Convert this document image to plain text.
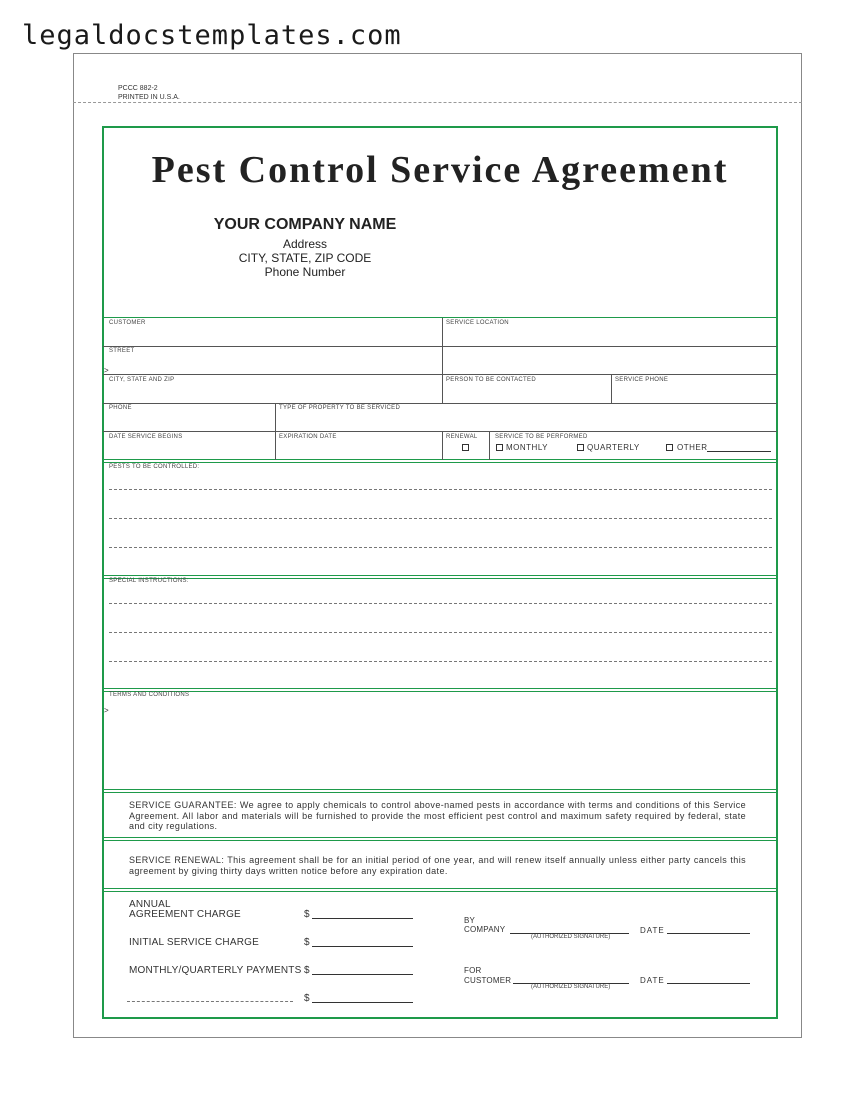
legaldocstemplates.com
PCCC 882-2
PRINTED IN U.S.A.
Pest Control Service Agreement
YOUR COMPANY NAME
Address
CITY, STATE, ZIP CODE
Phone Number
CUSTOMER	SERVICE LOCATION
STREET
>
CITY, STATE AND ZIP	PERSON TO BE CONTACTED	SERVICE PHONE
PHONE	TYPE OF PROPERTY TO BE SERVICED
DATE SERVICE BEGINS	EXPIRATION DATE	RENEWAL	SERVICE TO BE PERFORMED
MONTHLY	QUARTERLY	OTHER
PESTS TO BE CONTROLLED:
SPECIAL INSTRUCTIONS:
TERMS AND CONDITIONS
>
SERVICE GUARANTEE: We agree to apply chemicals to control above-named pests in accordance with terms and conditions of this Service Agreement. All labor and materials will be furnished to provide the most efficient pest control and maximum safety required by federal, state and city regulations.
SERVICE RENEWAL: This agreement shall be for an initial period of one year, and will renew itself annually unless either party cancels this agreement by giving thirty days written notice before any expiration date.
ANNUAL
AGREEMENT CHARGE	$
INITIAL SERVICE CHARGE	$
MONTHLY/QUARTERLY PAYMENTS $
$
BY
COMPANY
(AUTHORIZED SIGNATURE)
DATE
FOR
CUSTOMER
(AUTHORIZED SIGNATURE)
DATE
